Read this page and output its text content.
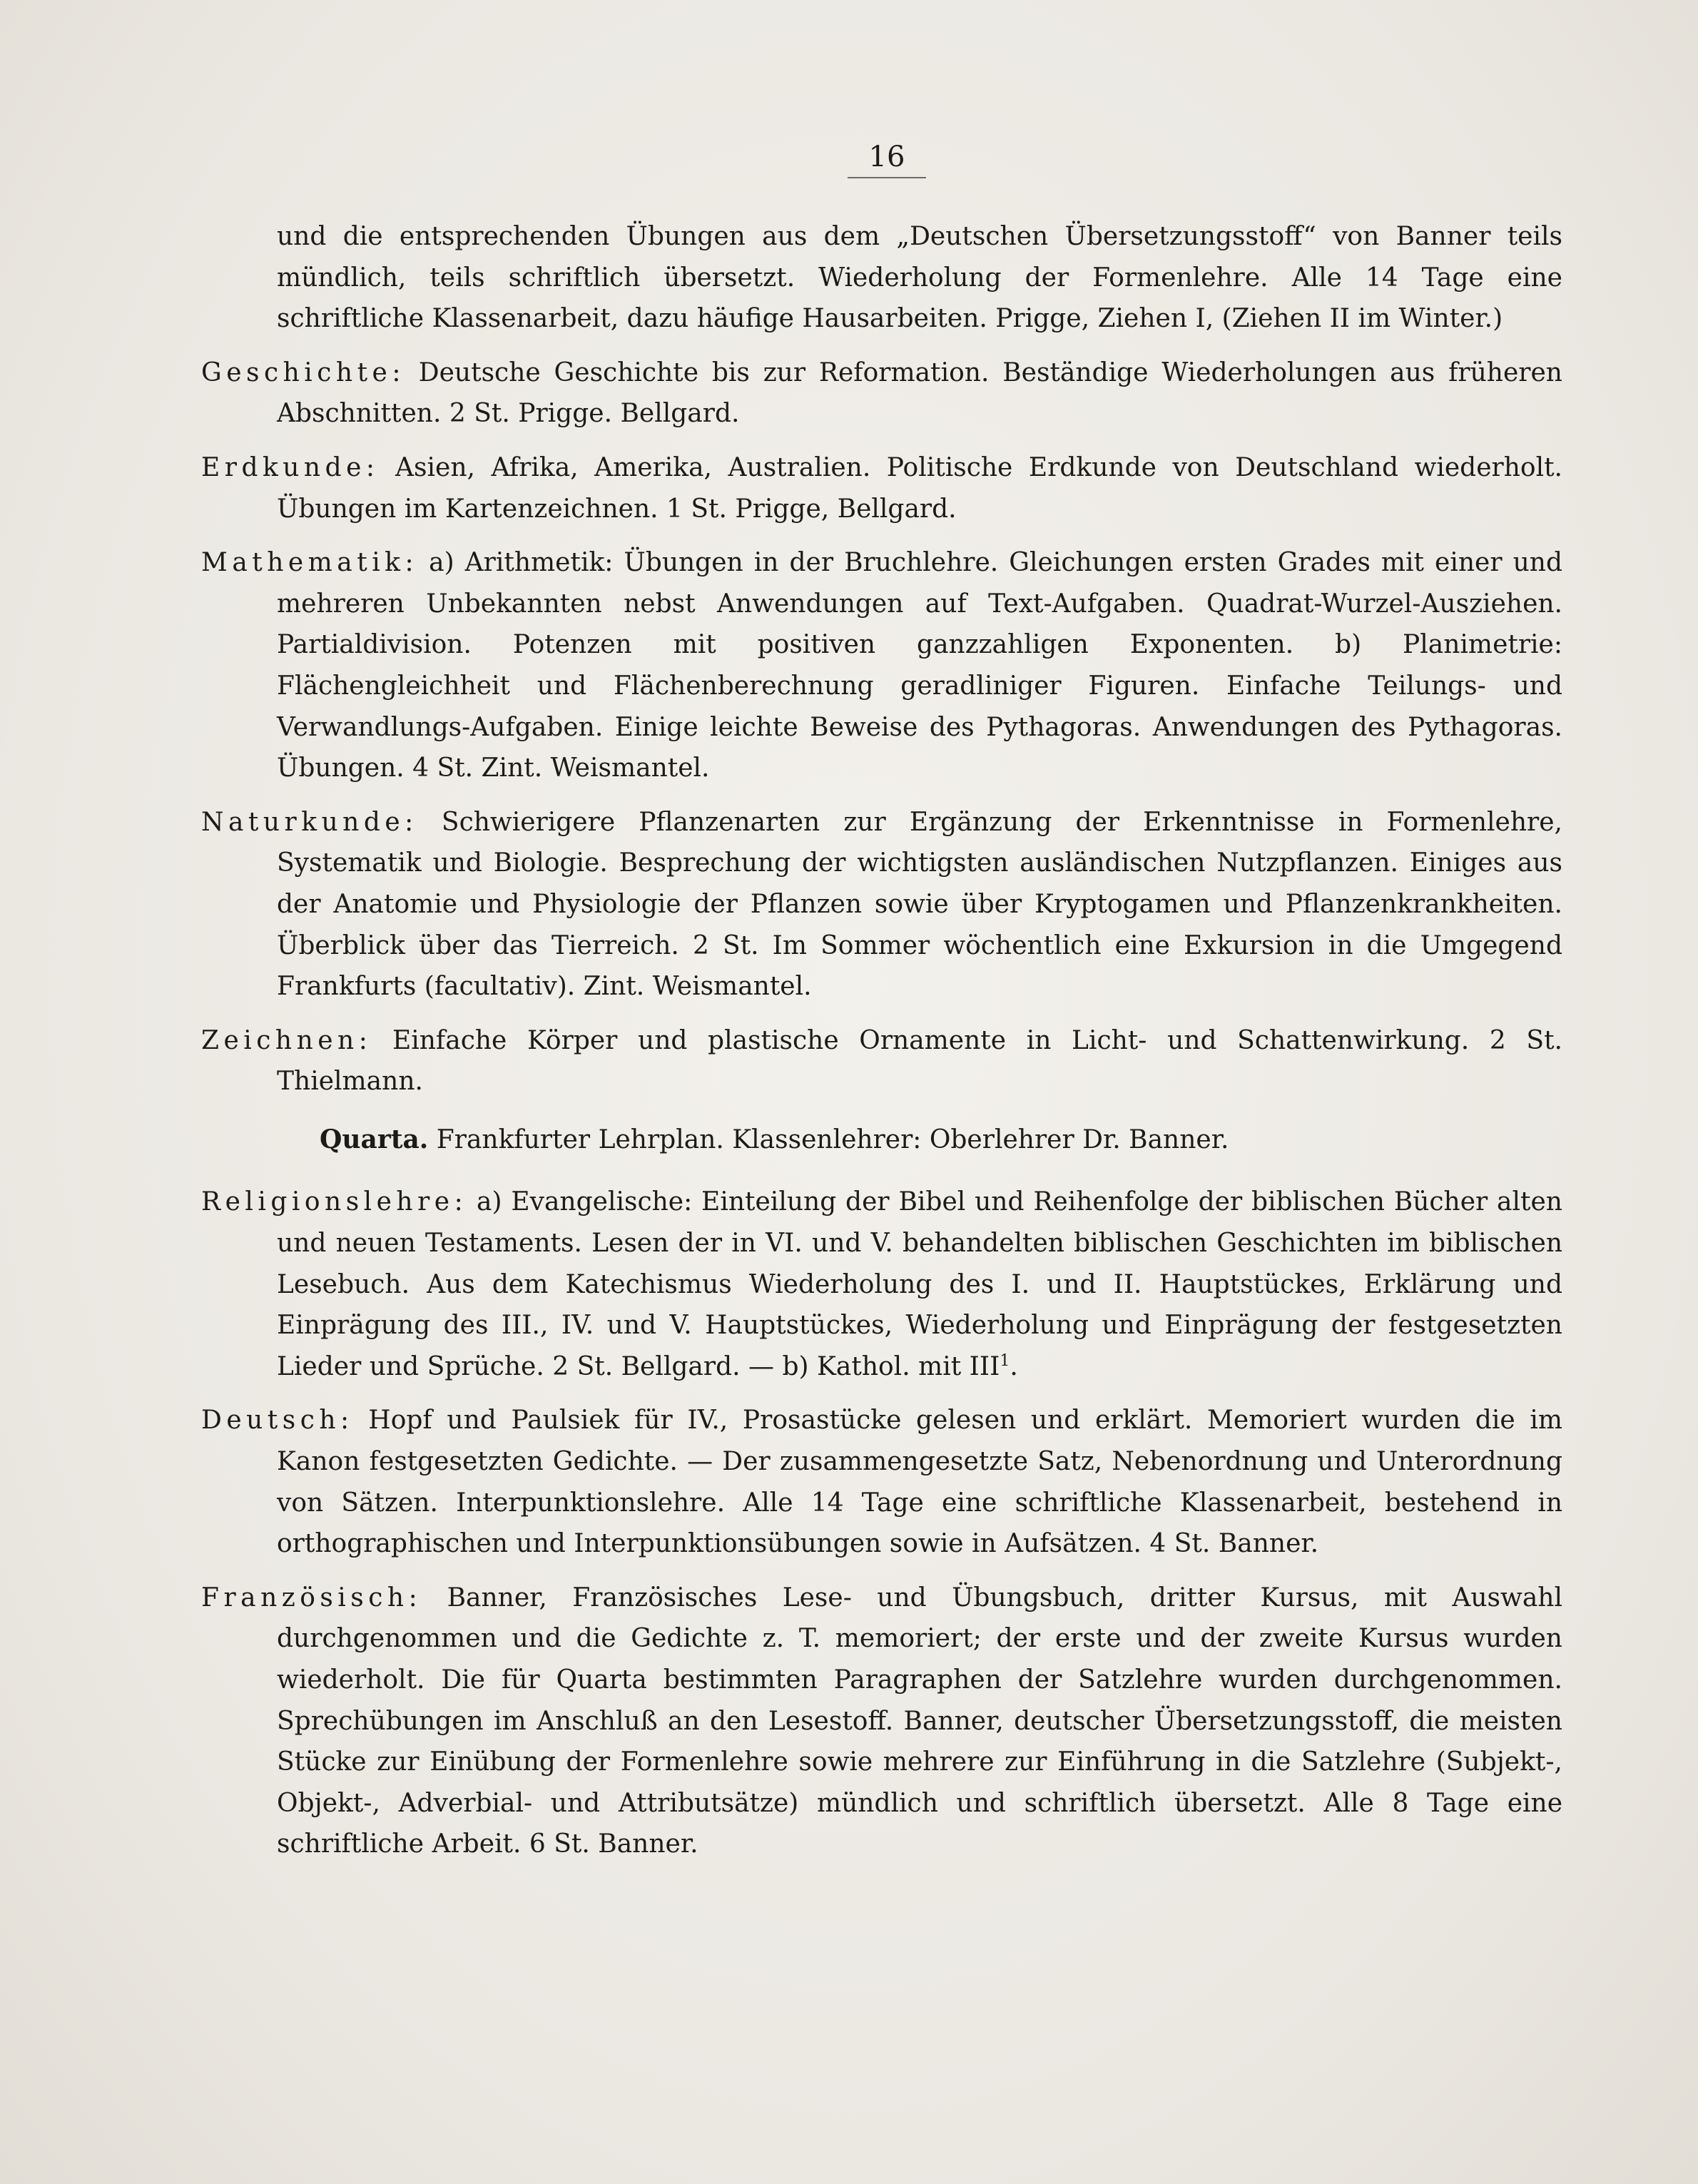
16

und die entsprechenden Übungen aus dem „Deutschen Übersetzungsstoff“ von Banner teils mündlich, teils schriftlich übersetzt. Wiederholung der Formenlehre. Alle 14 Tage eine schriftliche Klassenarbeit, dazu häufige Hausarbeiten. Prigge, Ziehen I, (Ziehen II im Winter.)

Geschichte: Deutsche Geschichte bis zur Reformation. Beständige Wiederholungen aus früheren Abschnitten. 2 St. Prigge. Bellgard.

Erdkunde: Asien, Afrika, Amerika, Australien. Politische Erdkunde von Deutschland wiederholt. Übungen im Kartenzeichnen. 1 St. Prigge, Bellgard.

Mathematik: a) Arithmetik: Übungen in der Bruchlehre. Gleichungen ersten Grades mit einer und mehreren Unbekannten nebst Anwendungen auf Text-Aufgaben. Quadrat-Wurzel-Ausziehen. Partialdivision. Potenzen mit positiven ganzzahligen Exponenten. b) Planimetrie: Flächengleichheit und Flächenberechnung geradliniger Figuren. Einfache Teilungs- und Verwandlungs-Aufgaben. Einige leichte Beweise des Pythagoras. Anwendungen des Pythagoras. Übungen. 4 St. Zint. Weismantel.

Naturkunde: Schwierigere Pflanzenarten zur Ergänzung der Erkenntnisse in Formenlehre, Systematik und Biologie. Besprechung der wichtigsten ausländischen Nutzpflanzen. Einiges aus der Anatomie und Physiologie der Pflanzen sowie über Kryptogamen und Pflanzenkrankheiten. Überblick über das Tierreich. 2 St. Im Sommer wöchentlich eine Exkursion in die Umgegend Frankfurts (facultativ). Zint. Weismantel.

Zeichnen: Einfache Körper und plastische Ornamente in Licht- und Schattenwirkung. 2 St. Thielmann.

Quarta. Frankfurter Lehrplan. Klassenlehrer: Oberlehrer Dr. Banner.

Religionslehre: a) Evangelische: Einteilung der Bibel und Reihenfolge der biblischen Bücher alten und neuen Testaments. Lesen der in VI. und V. behandelten biblischen Geschichten im biblischen Lesebuch. Aus dem Katechismus Wiederholung des I. und II. Hauptstückes, Erklärung und Einprägung des III., IV. und V. Hauptstückes, Wiederholung und Einprägung der festgesetzten Lieder und Sprüche. 2 St. Bellgard. — b) Kathol. mit III$^1$.

Deutsch: Hopf und Paulsiek für IV., Prosastücke gelesen und erklärt. Memoriert wurden die im Kanon festgesetzten Gedichte. — Der zusammengesetzte Satz, Nebenordnung und Unterordnung von Sätzen. Interpunktionslehre. Alle 14 Tage eine schriftliche Klassenarbeit, bestehend in orthographischen und Interpunktionsübungen sowie in Aufsätzen. 4 St. Banner.

Französisch: Banner, Französisches Lese- und Übungsbuch, dritter Kursus, mit Auswahl durchgenommen und die Gedichte z. T. memoriert; der erste und der zweite Kursus wurden wiederholt. Die für Quarta bestimmten Paragraphen der Satzlehre wurden durchgenommen. Sprechübungen im Anschluß an den Lesestoff. Banner, deutscher Übersetzungsstoff, die meisten Stücke zur Einübung der Formenlehre sowie mehrere zur Einführung in die Satzlehre (Subjekt-, Objekt-, Adverbial- und Attributsätze) mündlich und schriftlich übersetzt. Alle 8 Tage eine schriftliche Arbeit. 6 St. Banner.
